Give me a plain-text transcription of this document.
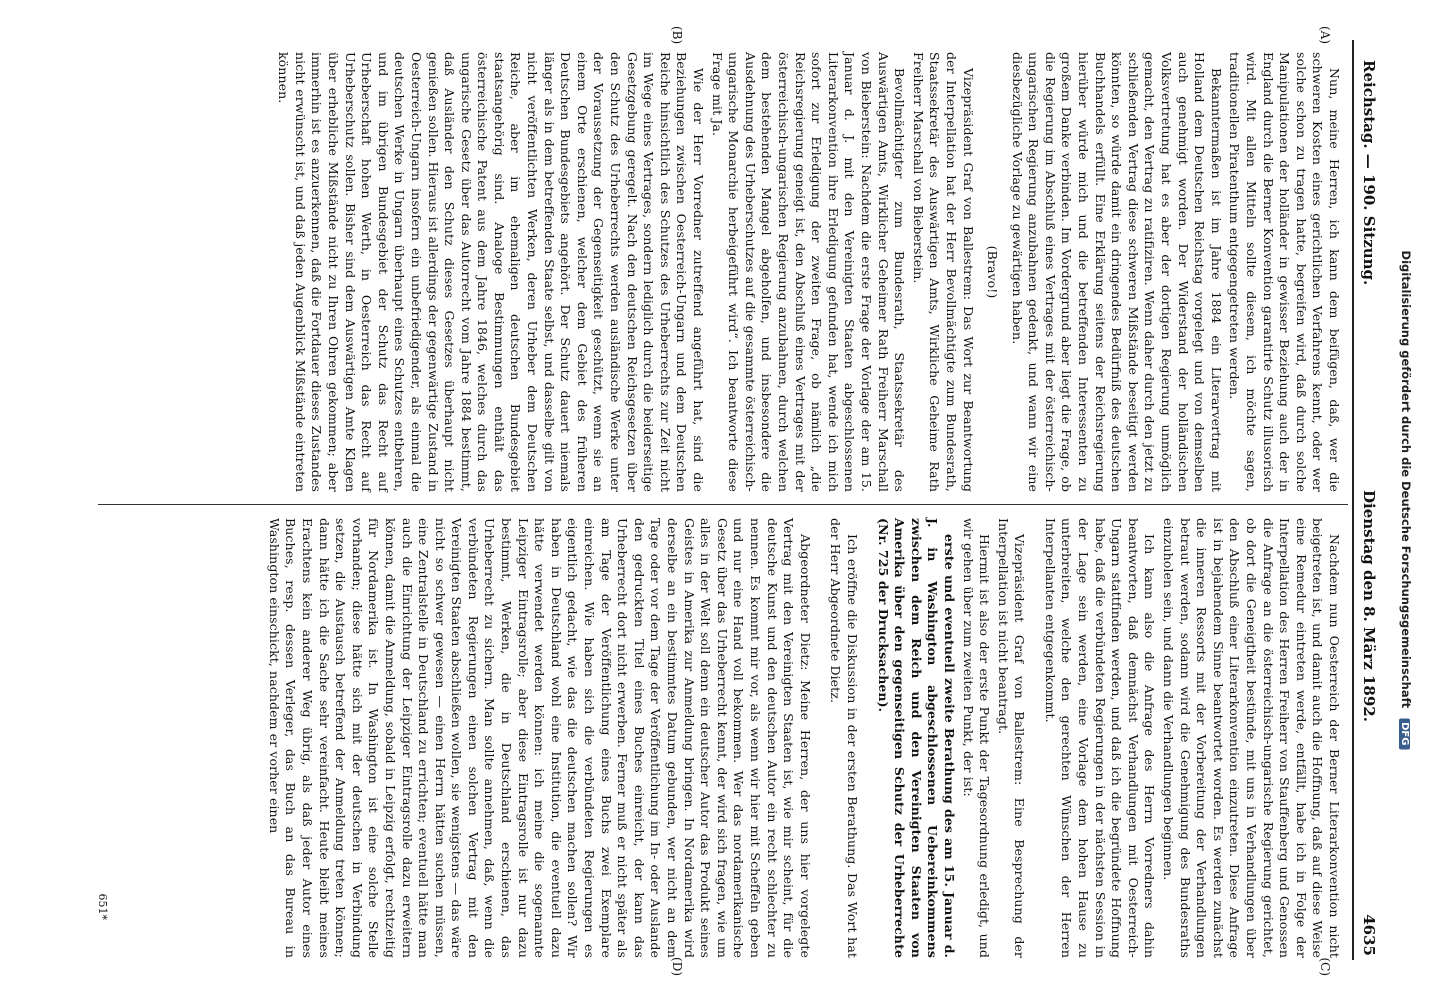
Reichstag. — 190. Sitzung.
Dienstag den 8. März 1892.
4635
(A)
(B)
(C)
(D)

Nun, meine Herren, ich kann dem beifügen, daß, wer die schweren Kosten eines gerichtlichen Verfahrens kennt, oder wer solche schon zu tragen hatte, begreifen wird, daß durch solche Manipulationen der holländer in gewisser Beziehung auch der in England durch die Berner Konvention garantirte Schutz illusorisch wird. Mit allen Mitteln sollte diesem, ich möchte sagen, traditionellen Piratenthum entgegengetreten werden.

Bekanntermaßen ist im Jahre 1884 ein Literarvertrag mit Holland dem Deutschen Reichstag vorgelegt und von demselben auch genehmigt worden. Der Widerstand der holländischen Volksvertretung hat es aber der dortigen Regierung unmöglich gemacht, den Vertrag zu ratifiziren. Wenn daher durch den jetzt zu schließenden Vertrag diese schweren Mißstände beseitigt werden könnten, so würde damit ein dringendes Bedürfniß des deutschen Buchhandels erfüllt. Eine Erklärung seitens der Reichsregierung hierüber würde mich und die betreffenden Interessenten zu großem Danke verbinden. Im Vordergrund aber liegt die Frage, ob die Regierung im Abschluß eines Vertrages mit der österreichisch-ungarischen Regierung anzubahnen gedenkt, und wann wir eine diesbezügliche Vorlage zu gewärtigen haben.

(Bravo!)

Vizepräsident Graf von Ballestrem: Das Wort zur Beantwortung der Interpellation hat der Herr Bevollmächtigte zum Bundesrath, Staatssekretär des Auswärtigen Amts, Wirkliche Geheime Rath Freiherr Marschall von Bieberstein.

Bevollmächtigter zum Bundesrath, Staatssekretär des Auswärtigen Amts, Wirklicher Geheimer Rath Freiherr Marschall von Bieberstein: Nachdem die erste Frage der Vorlage der am 15. Januar d. J. mit den Vereinigten Staaten abgeschlossenen Literarkonvention ihre Erledigung gefunden hat, wende ich mich sofort zur Erledigung der zweiten Frage, ob nämlich „die Reichsregierung geneigt ist, den Abschluß eines Vertrages mit der österreichisch-ungarischen Regierung anzubahnen, durch welchen dem bestehenden Mangel abgeholfen, und insbesondere die Ausdehnung des Urheberschutzes auf die gesammte österreichisch-ungarische Monarchie herbeigeführt wird“. Ich beantworte diese Frage mit Ja.

Wie der Herr Vorredner zutreffend angeführt hat, sind die Beziehungen zwischen Oesterreich-Ungarn und dem Deutschen Reiche hinsichtlich des Schutzes des Urheberrechts zur Zeit nicht im Wege eines Vertrages, sondern lediglich durch die beiderseitige Gesetzgebung geregelt. Nach den deutschen Reichsgesetzen über den Schutz des Urheberrechts werden ausländische Werke unter der Voraussetzung der Gegenseitigkeit geschützt, wenn sie an einem Orte erschienen, welcher dem Gebiet des früheren Deutschen Bundesgebiets angehört. Der Schutz dauert niemals länger als in dem betreffenden Staate selbst, und dasselbe gilt von nicht veröffentlichten Werken, deren Urheber dem Deutschen Reiche, aber im ehemaligen deutschen Bundesgebiet staatsangehörig sind. Analoge Bestimmungen enthält das österreichische Patent aus dem Jahre 1846, welches durch das ungarische Gesetz über das Autorrecht vom Jahre 1884 bestimmt, daß Ausländer den Schutz dieses Gesetzes überhaupt nicht genießen sollen. Hieraus ist allerdings der gegenwärtige Zustand in Oesterreich-Ungarn insofern ein unbefriedigender, als einmal die deutschen Werke in Ungarn überhaupt eines Schutzes entbehren, und im übrigen Bundesgebiet der Schutz das Recht auf Urheberschaft hohen Werth, in Oesterreich das Recht auf Urheberschutz sollen. Bisher sind dem Auswärtigen Amte Klagen über erhebliche Mißstände nicht zu Ihren Ohren gekommen; aber immerhin ist es anzuerkennen, daß die Fortdauer dieses Zustandes nicht erwünscht ist, und daß jeden Augenblick Mißstände eintreten können.

Nachdem nun Oesterreich der Berner Literarkonvention nicht beigetreten ist, und damit auch die Hoffnung, daß auf diese Weise eine Remedur eintreten werde, entfällt, habe ich in Folge der Interpellation des Herren Freiherr von Stauffenberg und Genossen die Anfrage an die österreichisch-ungarische Regierung gerichtet, ob dort die Geneigtheit bestünde, mit uns in Verhandlungen über den Abschluß einer Literarkonvention einzutreten. Diese Anfrage ist in bejahendem Sinne beantwortet worden. Es werden zunächst die inneren Ressorts mit der Vorbereitung der Verhandlungen betraut werden, sodann wird die Genehmigung des Bundesraths einzuholen sein, und dann die Verhandlungen beginnen.

Ich kann also die Anfrage des Herrn Vorredners dahin beantworten, daß demnächst Verhandlungen mit Oesterreich-Ungarn stattfinden werden, und daß ich die begründete Hoffnung habe, daß die verbündeten Regierungen in der nächsten Session in der Lage sein werden, eine Vorlage dem hohen Hause zu unterbreiten, welche den gerechten Wünschen der Herren Interpellanten entgegenkommt.

Vizepräsident Graf von Ballestrem: Eine Besprechung der Interpellation ist nicht beantragt.

Hiermit ist also der erste Punkt der Tagesordnung erledigt, und wir gehen über zum zweiten Punkt, der ist:

erste und eventuell zweite Berathung des am 15. Januar d. J. in Washington abgeschlossenen Uebereinkommens zwischen dem Reich und den Vereinigten Staaten von Amerika über den gegenseitigen Schutz der Urheberrechte (Nr. 725 der Drucksachen).

Ich eröffne die Diskussion in der ersten Berathung. Das Wort hat der Herr Abgeordnete Dietz.

Abgeordneter Dietz: Meine Herren, der uns hier vorgelegte Vertrag mit den Vereinigten Staaten ist, wie mir scheint, für die deutsche Kunst und den deutschen Autor ein recht schlechter zu nennen. Es kommt mir vor, als wenn wir hier mit Scheffeln geben und nur eine Hand voll bekommen. Wer das nordamerikanische Gesetz über das Urheberrecht kennt, der wird sich fragen, wie um alles in der Welt soll denn ein deutscher Autor das Produkt seines Geistes in Amerika zur Anmeldung bringen. In Nordamerika wird derselbe an ein bestimmtes Datum gebunden, wer nicht an dem Tage oder vor dem Tage der Veröffentlichung im In- oder Auslande den gedruckten Titel eines Buches einreicht, der kann das Urheberrecht dort nicht erwerben. Ferner muß er nicht später als am Tage der Veröffentlichung eines Buchs zwei Exemplare einreichen. Wie haben sich die verbündeten Regierungen es eigentlich gedacht, wie das die deutschen machen sollen? Wir haben in Deutschland wohl eine Institution, die eventuell dazu hätte verwendet werden können: ich meine die sogenannte Leipziger Eintragsrolle; aber diese Eintragsrolle ist nur dazu bestimmt, Werken, die in Deutschland erschienen, das Urheberrecht zu sichern. Man sollte annehmen, daß, wenn die verbündeten Regierungen einen solchen Vertrag mit den Vereinigten Staaten abschließen wollen, sie wenigstens — das wäre nicht so schwer gewesen — einen Herrn hätten suchen müssen, eine Zentralstelle in Deutschland zu errichten; eventuell hätte man auch die Einrichtung der Leipziger Eintragsrolle dazu erweitern können, damit die Anmeldung, sobald in Leipzig erfolgt, rechtzeitig für Nordamerika ist. In Washington ist eine solche Stelle vorhanden; diese hätte sich mit der deutschen in Verbindung setzen, die Austausch betreffend der Anmeldung treten können; dann hätte ich die Sache sehr vereinfacht. Heute bleibt meines Erachtens kein anderer Weg übrig, als daß jeder Autor eines Buches, resp. dessen Verleger, das Buch an das Bureau in Washington einschickt, nachdem er vorher einen

651*
Digitalisierung gefördert durch die Deutsche Forschungsgemeinschaft DFG
